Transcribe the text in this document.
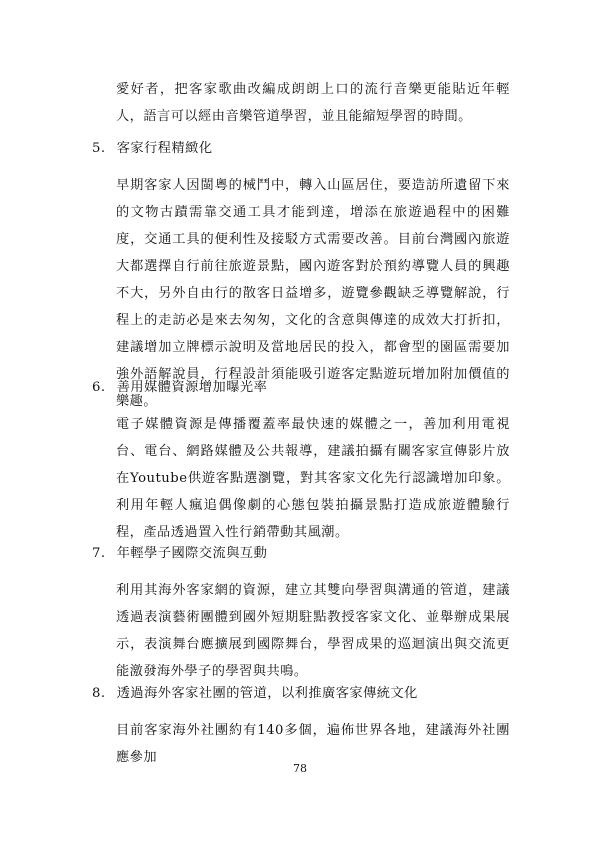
愛好者，把客家歌曲改編成朗朗上口的流行音樂更能貼近年輕人，語言可以經由音樂管道學習，並且能縮短學習的時間。

5. 客家行程精緻化

早期客家人因閩粵的械鬥中，轉入山區居住，要造訪所遺留下來的文物古蹟需靠交通工具才能到達，增添在旅遊過程中的困難度，交通工具的便利性及接駁方式需要改善。目前台灣國內旅遊大都選擇自行前往旅遊景點，國內遊客對於預約導覽人員的興趣不大，另外自由行的散客日益增多，遊覽參觀缺乏導覽解說，行程上的走訪必是來去匆匆，文化的含意與傳達的成效大打折扣，建議增加立牌標示說明及當地居民的投入，都會型的園區需要加強外語解說員，行程設計須能吸引遊客定點遊玩增加附加價值的樂趣。

6. 善用媒體資源增加曝光率

電子媒體資源是傳播覆蓋率最快速的媒體之一，善加利用電視台、電台、網路媒體及公共報導，建議拍攝有關客家宣傳影片放在Youtube供遊客點選瀏覽，對其客家文化先行認識增加印象。利用年輕人瘋追偶像劇的心態包裝拍攝景點打造成旅遊體驗行程，產品透過置入性行銷帶動其風潮。

7. 年輕學子國際交流與互動

利用其海外客家網的資源，建立其雙向學習與溝通的管道，建議透過表演藝術團體到國外短期駐點教授客家文化、並舉辦成果展示，表演舞台應擴展到國際舞台，學習成果的巡迴演出與交流更能激發海外學子的學習與共鳴。

8. 透過海外客家社團的管道，以利推廣客家傳統文化

目前客家海外社團約有140多個，遍佈世界各地，建議海外社團應參加

78
